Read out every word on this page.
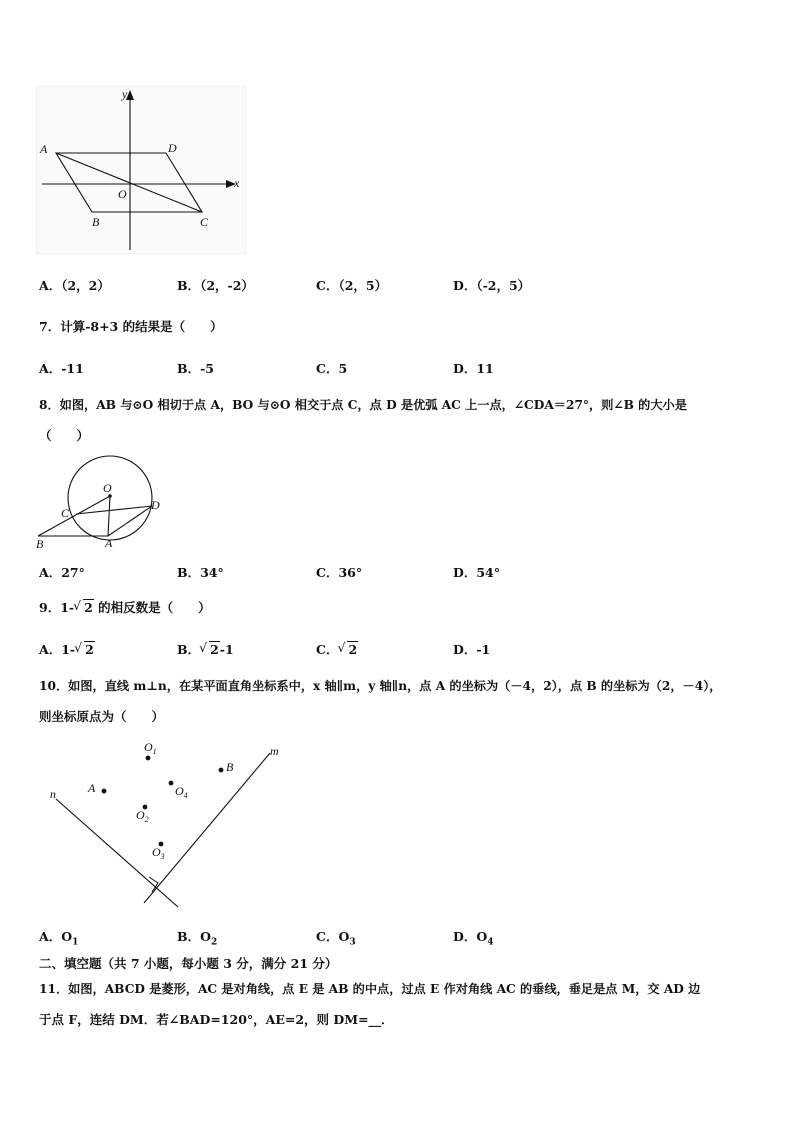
y
x
A	D
O
B	C
A．（2，2）	B．（2，-2）	C．（2，5）	D．（-2，5）
7．计算-8+3 的结果是（　　）
A．-11	B．-5	C．5	D．11
8．如图，AB 与⊙O 相切于点 A，BO 与⊙O 相交于点 C，点 D 是优弧 AC 上一点，∠CDA＝27°，则∠B 的大小是
（　　）
O
C
D
B	A
A．27°	B．34°	C．36°	D．54°
9．1- √ 2 的相反数是（　　）
A．1- √ 2	B． √ 2-1	C． √ 2	D．-1
10．如图，直线 m⊥n，在某平面直角坐标系中，x 轴∥m，y 轴∥n，点 A 的坐标为（－4，2），点 B 的坐标为（2，－4），
则坐标原点为（　　）
m
n	A
B
$O_1$
$O_4$
$O_2$
$O_3$
A．$O_1$	B．$O_2$	C．$O_3$	D．$O_4$
二、填空题（共 7 小题，每小题 3 分，满分 21 分）
11．如图，ABCD 是菱形，AC 是对角线，点 E 是 AB 的中点，过点 E 作对角线 AC 的垂线，垂足是点 M，交 AD 边
于点 F，连结 DM．若∠BAD=120°，AE=2，则 DM=__．
